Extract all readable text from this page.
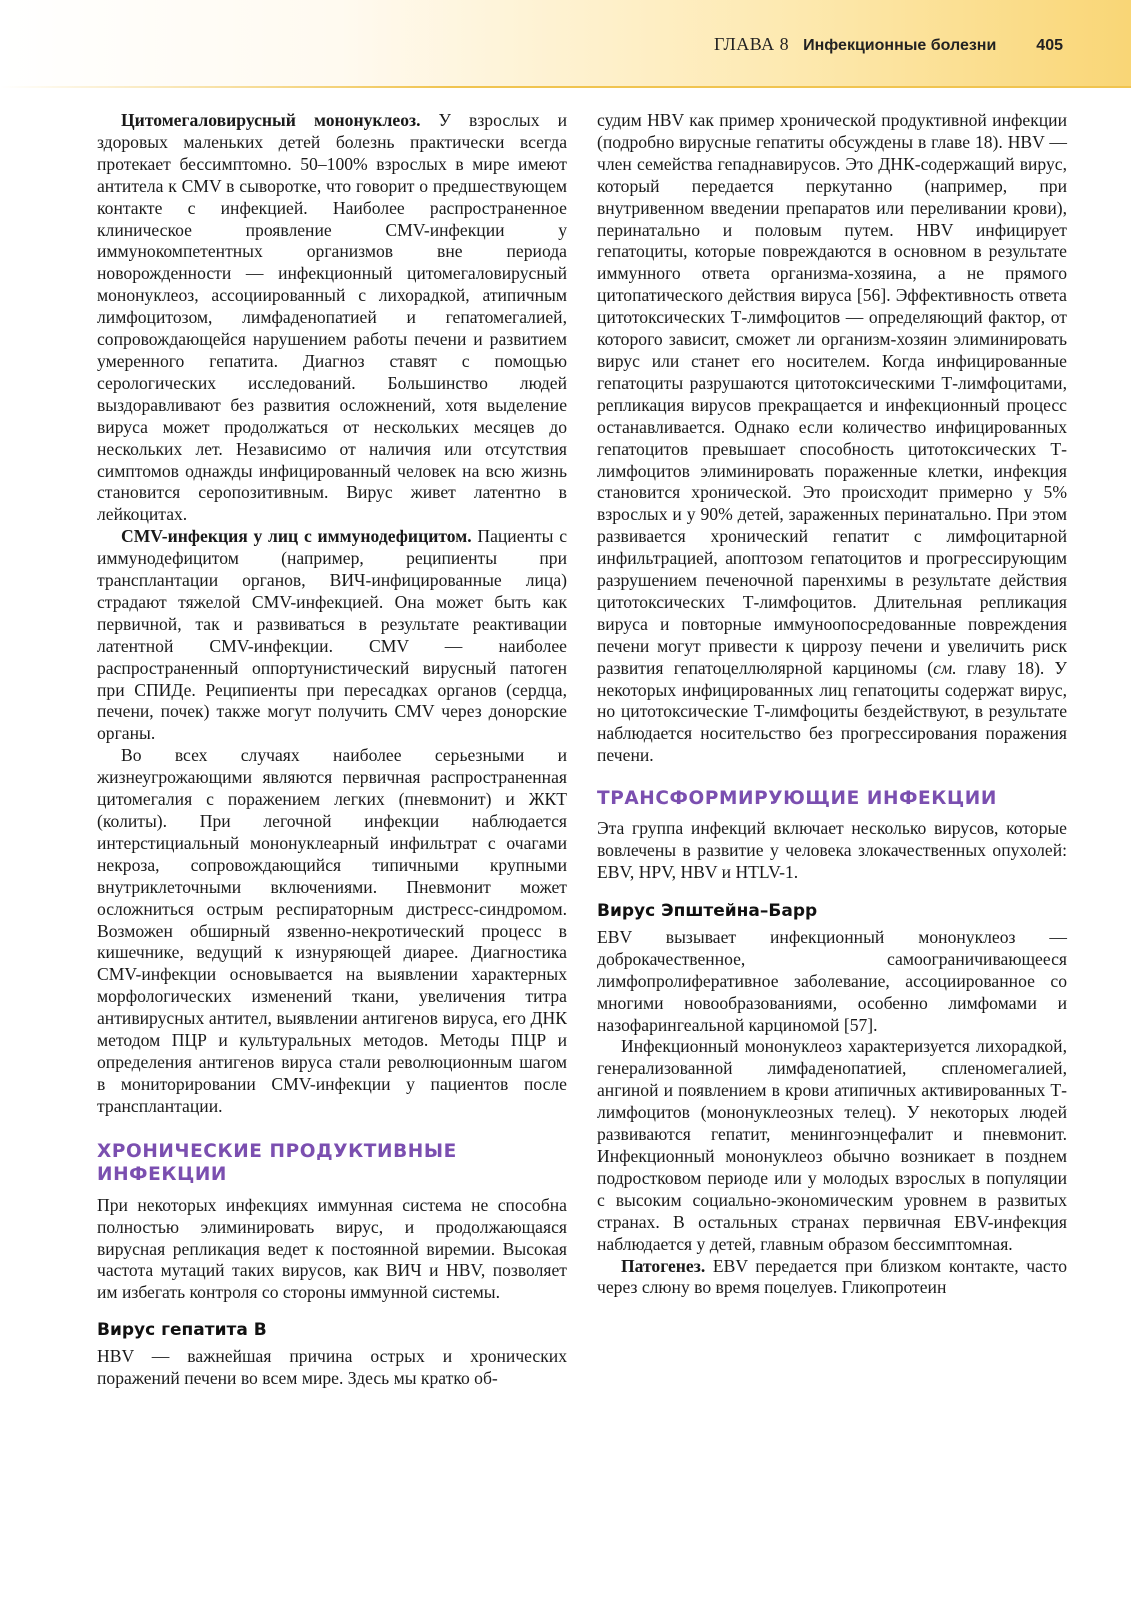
ГЛАВА 8 Инфекционные болезни	405

Цитомегаловирусный мононуклеоз. У взрослых и здоровых маленьких детей болезнь практически всегда протекает бессимптомно. 50–100% взрослых в мире имеют антитела к CMV в сыворотке, что говорит о предшествующем контакте с инфекцией. Наиболее распространенное клиническое проявление CMV-инфекции у иммунокомпетентных организмов вне периода новорожденности — инфекционный цитомегаловирусный мононуклеоз, ассоциированный с лихорадкой, атипичным лимфоцитозом, лимфаденопатией и гепатомегалией, сопровождающейся нарушением работы печени и развитием умеренного гепатита. Диагноз ставят с помощью серологических исследований. Большинство людей выздоравливают без развития осложнений, хотя выделение вируса может продолжаться от нескольких месяцев до нескольких лет. Независимо от наличия или отсутствия симптомов однажды инфицированный человек на всю жизнь становится серопозитивным. Вирус живет латентно в лейкоцитах.

CMV-инфекция у лиц с иммунодефицитом. Пациенты с иммунодефицитом (например, реципиенты при трансплантации органов, ВИЧ-инфицированные лица) страдают тяжелой CMV-инфекцией. Она может быть как первичной, так и развиваться в результате реактивации латентной CMV-инфекции. CMV — наиболее распространенный оппортунистический вирусный патоген при СПИДе. Реципиенты при пересадках органов (сердца, печени, почек) также могут получить CMV через донорские органы.

Во всех случаях наиболее серьезными и жизнеугрожающими являются первичная распространенная цитомегалия с поражением легких (пневмонит) и ЖКТ (колиты). При легочной инфекции наблюдается интерстициальный мононуклеарный инфильтрат с очагами некроза, сопровождающийся типичными крупными внутриклеточными включениями. Пневмонит может осложниться острым респираторным дистресс-синдромом. Возможен обширный язвенно-некротический процесс в кишечнике, ведущий к изнуряющей диарее. Диагностика CMV-инфекции основывается на выявлении характерных морфологических изменений ткани, увеличения титра антивирусных антител, выявлении антигенов вируса, его ДНК методом ПЦР и культуральных методов. Методы ПЦР и определения антигенов вируса стали революционным шагом в мониторировании CMV-инфекции у пациентов после трансплантации.

ХРОНИЧЕСКИЕ ПРОДУКТИВНЫЕ
ИНФЕКЦИИ

При некоторых инфекциях иммунная система не способна полностью элиминировать вирус, и продолжающаяся вирусная репликация ведет к постоянной виремии. Высокая частота мутаций таких вирусов, как ВИЧ и HBV, позволяет им избегать контроля со стороны иммунной системы.

Вирус гепатита В

HBV — важнейшая причина острых и хронических поражений печени во всем мире. Здесь мы кратко об-

судим HBV как пример хронической продуктивной инфекции (подробно вирусные гепатиты обсуждены в главе 18). HBV — член семейства гепаднавирусов. Это ДНК-содержащий вирус, который передается перкутанно (например, при внутривенном введении препаратов или переливании крови), перинатально и половым путем. HBV инфицирует гепатоциты, которые повреждаются в основном в результате иммунного ответа организма-хозяина, а не прямого цитопатического действия вируса [56]. Эффективность ответа цитотоксических Т-лимфоцитов — определяющий фактор, от которого зависит, сможет ли организм-хозяин элиминировать вирус или станет его носителем. Когда инфицированные гепатоциты разрушаются цитотоксическими Т-лимфоцитами, репликация вирусов прекращается и инфекционный процесс останавливается. Однако если количество инфицированных гепатоцитов превышает способность цитотоксических Т-лимфоцитов элиминировать пораженные клетки, инфекция становится хронической. Это происходит примерно у 5% взрослых и у 90% детей, зараженных перинатально. При этом развивается хронический гепатит с лимфоцитарной инфильтрацией, апоптозом гепатоцитов и прогрессирующим разрушением печеночной паренхимы в результате действия цитотоксических Т-лимфоцитов. Длительная репликация вируса и повторные иммуноопосредованные повреждения печени могут привести к циррозу печени и увеличить риск развития гепатоцеллюлярной карциномы (см. главу 18). У некоторых инфицированных лиц гепатоциты содержат вирус, но цитотоксические Т-лимфоциты бездействуют, в результате наблюдается носительство без прогрессирования поражения печени.

ТРАНСФОРМИРУЮЩИЕ ИНФЕКЦИИ

Эта группа инфекций включает несколько вирусов, которые вовлечены в развитие у человека злокачественных опухолей: EBV, HPV, HBV и HTLV-1.

Вирус Эпштейна–Барр

EBV вызывает инфекционный мононуклеоз — доброкачественное, самоограничивающееся лимфопролиферативное заболевание, ассоциированное со многими новообразованиями, особенно лимфомами и назофарингеальной карциномой [57].

Инфекционный мононуклеоз характеризуется лихорадкой, генерализованной лимфаденопатией, спленомегалией, ангиной и появлением в крови атипичных активированных Т-лимфоцитов (мононуклеозных телец). У некоторых людей развиваются гепатит, менингоэнцефалит и пневмонит. Инфекционный мононуклеоз обычно возникает в позднем подростковом периоде или у молодых взрослых в популяции с высоким социально-экономическим уровнем в развитых странах. В остальных странах первичная EBV-инфекция наблюдается у детей, главным образом бессимптомная.

Патогенез. EBV передается при близком контакте, часто через слюну во время поцелуев. Гликопротеин
